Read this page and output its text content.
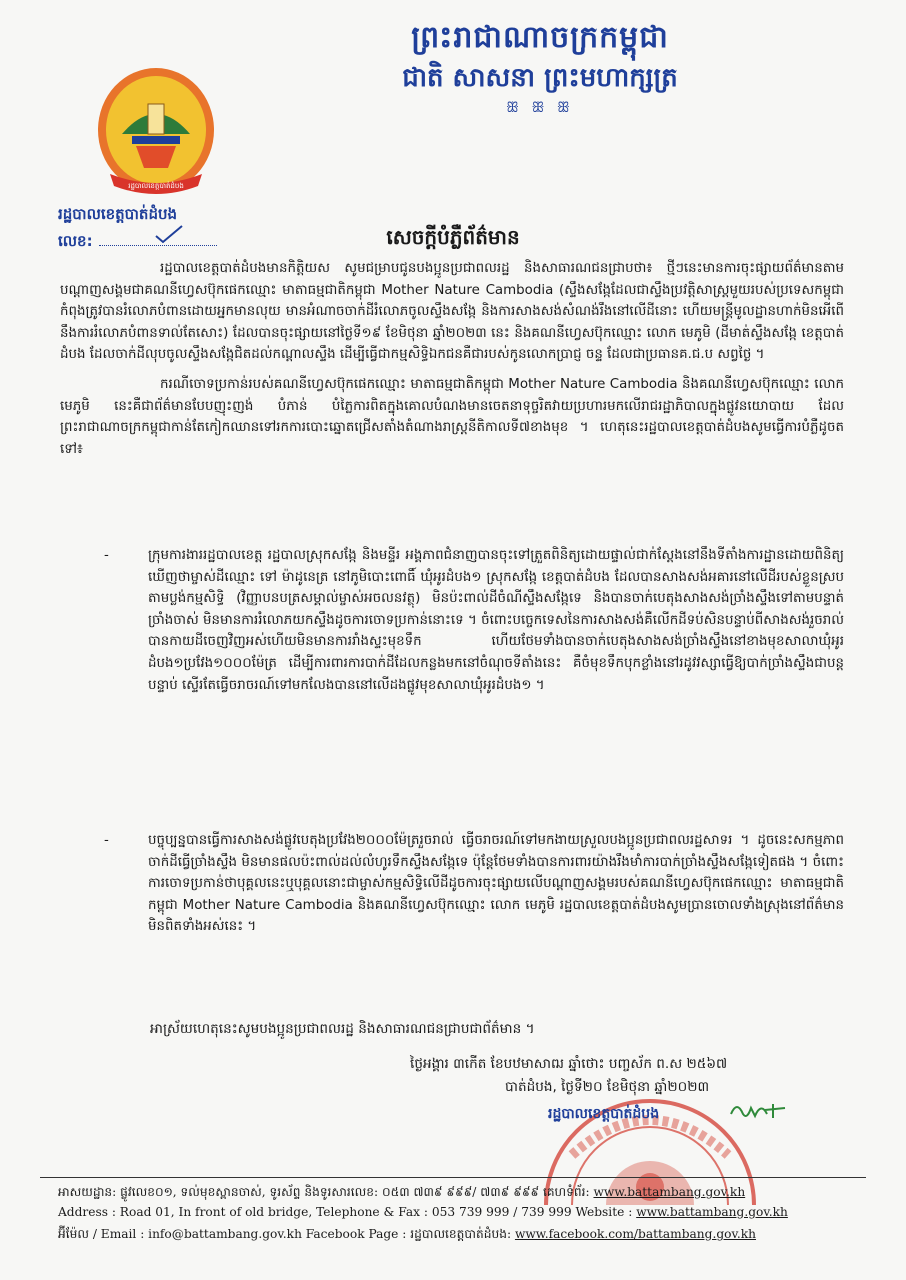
ព្រះរាជាណាចក្រកម្ពុជា
ជាតិ សាសនា ព្រះមហាក្សត្រ
ꕥ ꕥ ꕥ
រដ្ឋបាលខេត្តបាត់ដំបង
រដ្ឋបាលខេត្តបាត់ដំបង
លេខ:	សេចក្តីបំភ្លឺព័ត៌មាន

រដ្ឋបាលខេត្តបាត់ដំបងមានកិត្តិយស សូមជម្រាបជូនបងប្អូនប្រជាពលរដ្ឋ និងសាធារណជនជ្រាបថា៖ ថ្មីៗនេះមានការចុះផ្សាយព័ត៌មានតាមបណ្តាញសង្គមជាគណនីហ្វេសប៊ុកផេកឈ្មោះ មាតាធម្មជាតិកម្ពុជា Mother Nature Cambodia (ស្ទឹងសង្កែដែលជាស្ទឹងប្រវត្តិសាស្ត្រមួយរបស់ប្រទេសកម្ពុជាកំពុងត្រូវបានរំលោភបំពានដោយអ្នកមានលុយ មានអំណាចចាក់ដីរំលោភចូលស្ទឹងសង្កែ និងការសាងសង់សំណង់រឹងនៅលើដីនោះ ហើយមន្ត្រីមូលដ្ឋានហាក់មិនអើពើនឹងការរំលោភបំពានទាល់តែសោះ) ដែលបានចុះផ្សាយនៅថ្ងៃទី១៩ ខែមិថុនា ឆ្នាំ២០២៣ នេះ និងគណនីហ្វេសប៊ុកឈ្មោះ លោក មេភូមិ (ដីមាត់ស្ទឹងសង្កែ ខេត្តបាត់ដំបង ដែលចាក់ដីលុបចូលស្ទឹងសង្កែជិតដល់កណ្តាលស្ទឹង ដើម្បីធ្វើជាកម្មសិទ្ធិឯកជនគឺជារបស់កូនលោកប្រាជ្ញ ចន្ទ ដែលជាប្រធានគ.ជ.ប សព្វថ្ងៃ ។

ករណីចោទប្រកាន់របស់គណនីហ្វេសប៊ុកផេកឈ្មោះ មាតាធម្មជាតិកម្ពុជា Mother Nature Cambodia និងគណនីហ្វេសប៊ុកឈ្មោះ លោក មេភូមិ នេះគឺជាព័ត៌មានបែបញុះញង់ បំភាន់ បំភ្លៃការពិតក្នុងគោលបំណងមានចេតនាទុច្ចរិតវាយប្រហារមកលើរាជរដ្ឋាភិបាលក្នុងផ្លូវនយោបាយ ដែលព្រះរាជាណាចក្រកម្ពុជាកាន់តែកៀកឈានទៅរកការបោះឆ្នោតជ្រើសតាំងតំណាងរាស្ត្រនីតិកាលទី៧ខាងមុខ ។ ហេតុនេះរដ្ឋបាលខេត្តបាត់ដំបងសូមធ្វើការបំភ្លឺដូចតទៅ៖

-	ក្រុមការងាររដ្ឋបាលខេត្ត រដ្ឋបាលស្រុកសង្កែ និងមន្ទីរ អង្គភាពជំនាញបានចុះទៅត្រួតពិនិត្យដោយផ្ទាល់ជាក់ស្តែងនៅនឹងទីតាំងការដ្ឋានដោយពិនិត្យឃើញថាម្ចាស់ដីឈ្មោះ ទៅ ម៉ាដូនេត្រ នៅភូមិបោះពោធិ៍ ឃុំអូរដំបង១ ស្រុកសង្កែ ខេត្តបាត់ដំបង ដែលបានសាងសង់អគារនៅលើដីរបស់ខ្លួនស្របតាមប្លង់កម្មសិទ្ធិ (វិញ្ញាបនបត្រសម្គាល់ម្ចាស់អចលនវត្ថុ) មិនប៉ះពាល់ដីចំណីស្ទឹងសង្កែទេ និងបានចាក់បេតុងសាងសង់ច្រាំងស្ទឹងទៅតាមបន្ទាត់ច្រាំងចាស់ មិនមានការរំលោភយកស្ទឹងដូចការចោទប្រកាន់នោះទេ ។ ចំពោះបច្ចេកទេសនៃការសាងសង់គឺលើកដីទប់សិនបន្ទាប់ពីសាងសង់រួចរាល់បានកាយដីចេញវិញអស់ហើយមិនមានការរាំងស្ទះមុខទឹក ហើយថែមទាំងបានចាក់បេតុងសាងសង់ច្រាំងស្ទឹងនៅខាងមុខសាលាឃុំអូរដំបង១ប្រវែង១០០០ម៉ែត្រ ដើម្បីការពារការបាក់ដីដែលកន្លងមកនៅចំណុចទីតាំងនេះ គឺចំមុខទឹកបុកខ្លាំងនៅរដូវវស្សាធ្វើឱ្យបាក់ច្រាំងស្ទឹងជាបន្តបន្ទាប់ ស្ទើរតែធ្វើចរាចរណ៍ទៅមកលែងបាននៅលើដងផ្លូវមុខសាលាឃុំអូរដំបង១ ។
-	បច្ចុប្បន្នបានធ្វើការសាងសង់ផ្លូវបេតុងប្រវែង២០០០ម៉ែត្ររួចរាល់ ធ្វើចរាចរណ៍ទៅមកងាយស្រួលបងប្អូនប្រជាពលរដ្ឋសាទរ ។ ដូចនេះសកម្មភាពចាក់ដីធ្វើច្រាំងស្ទឹង មិនមានផលប៉ះពាល់ដល់លំហូរទឹកស្ទឹងសង្កែទេ ប៉ុន្តែថែមទាំងបានការពារយ៉ាងរឹងមាំការបាក់ច្រាំងស្ទឹងសង្កែទៀតផង ។ ចំពោះការចោទប្រកាន់ថាបុគ្គលនេះឬបុគ្គលនោះជាម្ចាស់កម្មសិទ្ធិលើដីដូចការចុះផ្សាយលើបណ្តាញសង្គមរបស់គណនីហ្វេសប៊ុកផេកឈ្មោះ មាតាធម្មជាតិកម្ពុជា Mother Nature Cambodia និងគណនីហ្វេសប៊ុកឈ្មោះ លោក មេភូមិ រដ្ឋបាលខេត្តបាត់ដំបងសូមប្រានចោលទាំងស្រុងនៅព័ត៌មានមិនពិតទាំងអស់នេះ ។
អាស្រ័យហេតុនេះសូមបងប្អូនប្រជាពលរដ្ឋ និងសាធារណជនជ្រាបជាព័ត៌មាន ។
ថ្ងៃអង្គារ ៣កើត ខែបឋមាសាឍ ឆ្នាំថោះ បញ្ចស័ក ព.ស ២៥៦៧
បាត់ដំបង, ថ្ងៃទី២០ ខែមិថុនា ឆ្នាំ២០២៣
រដ្ឋបាលខេត្តបាត់ដំបង
អាសយដ្ឋាន: ផ្លូវលេខ០១, ទល់មុខស្ពានចាស់, ទូរស័ព្ទ និងទូរសារលេខ: ០៥៣ ៧៣៩ ៩៩៩/ ៧៣៩ ៩៩៩ គេហទំព័រ: www.battambang.gov.kh
Address : Road 01, In front of old bridge, Telephone & Fax : 053 739 999 / 739 999 Website : www.battambang.gov.kh
អ៊ីម៉ែល / Email : info@battambang.gov.kh Facebook Page : រដ្ឋបាលខេត្តបាត់ដំបង: www.facebook.com/battambang.gov.kh
